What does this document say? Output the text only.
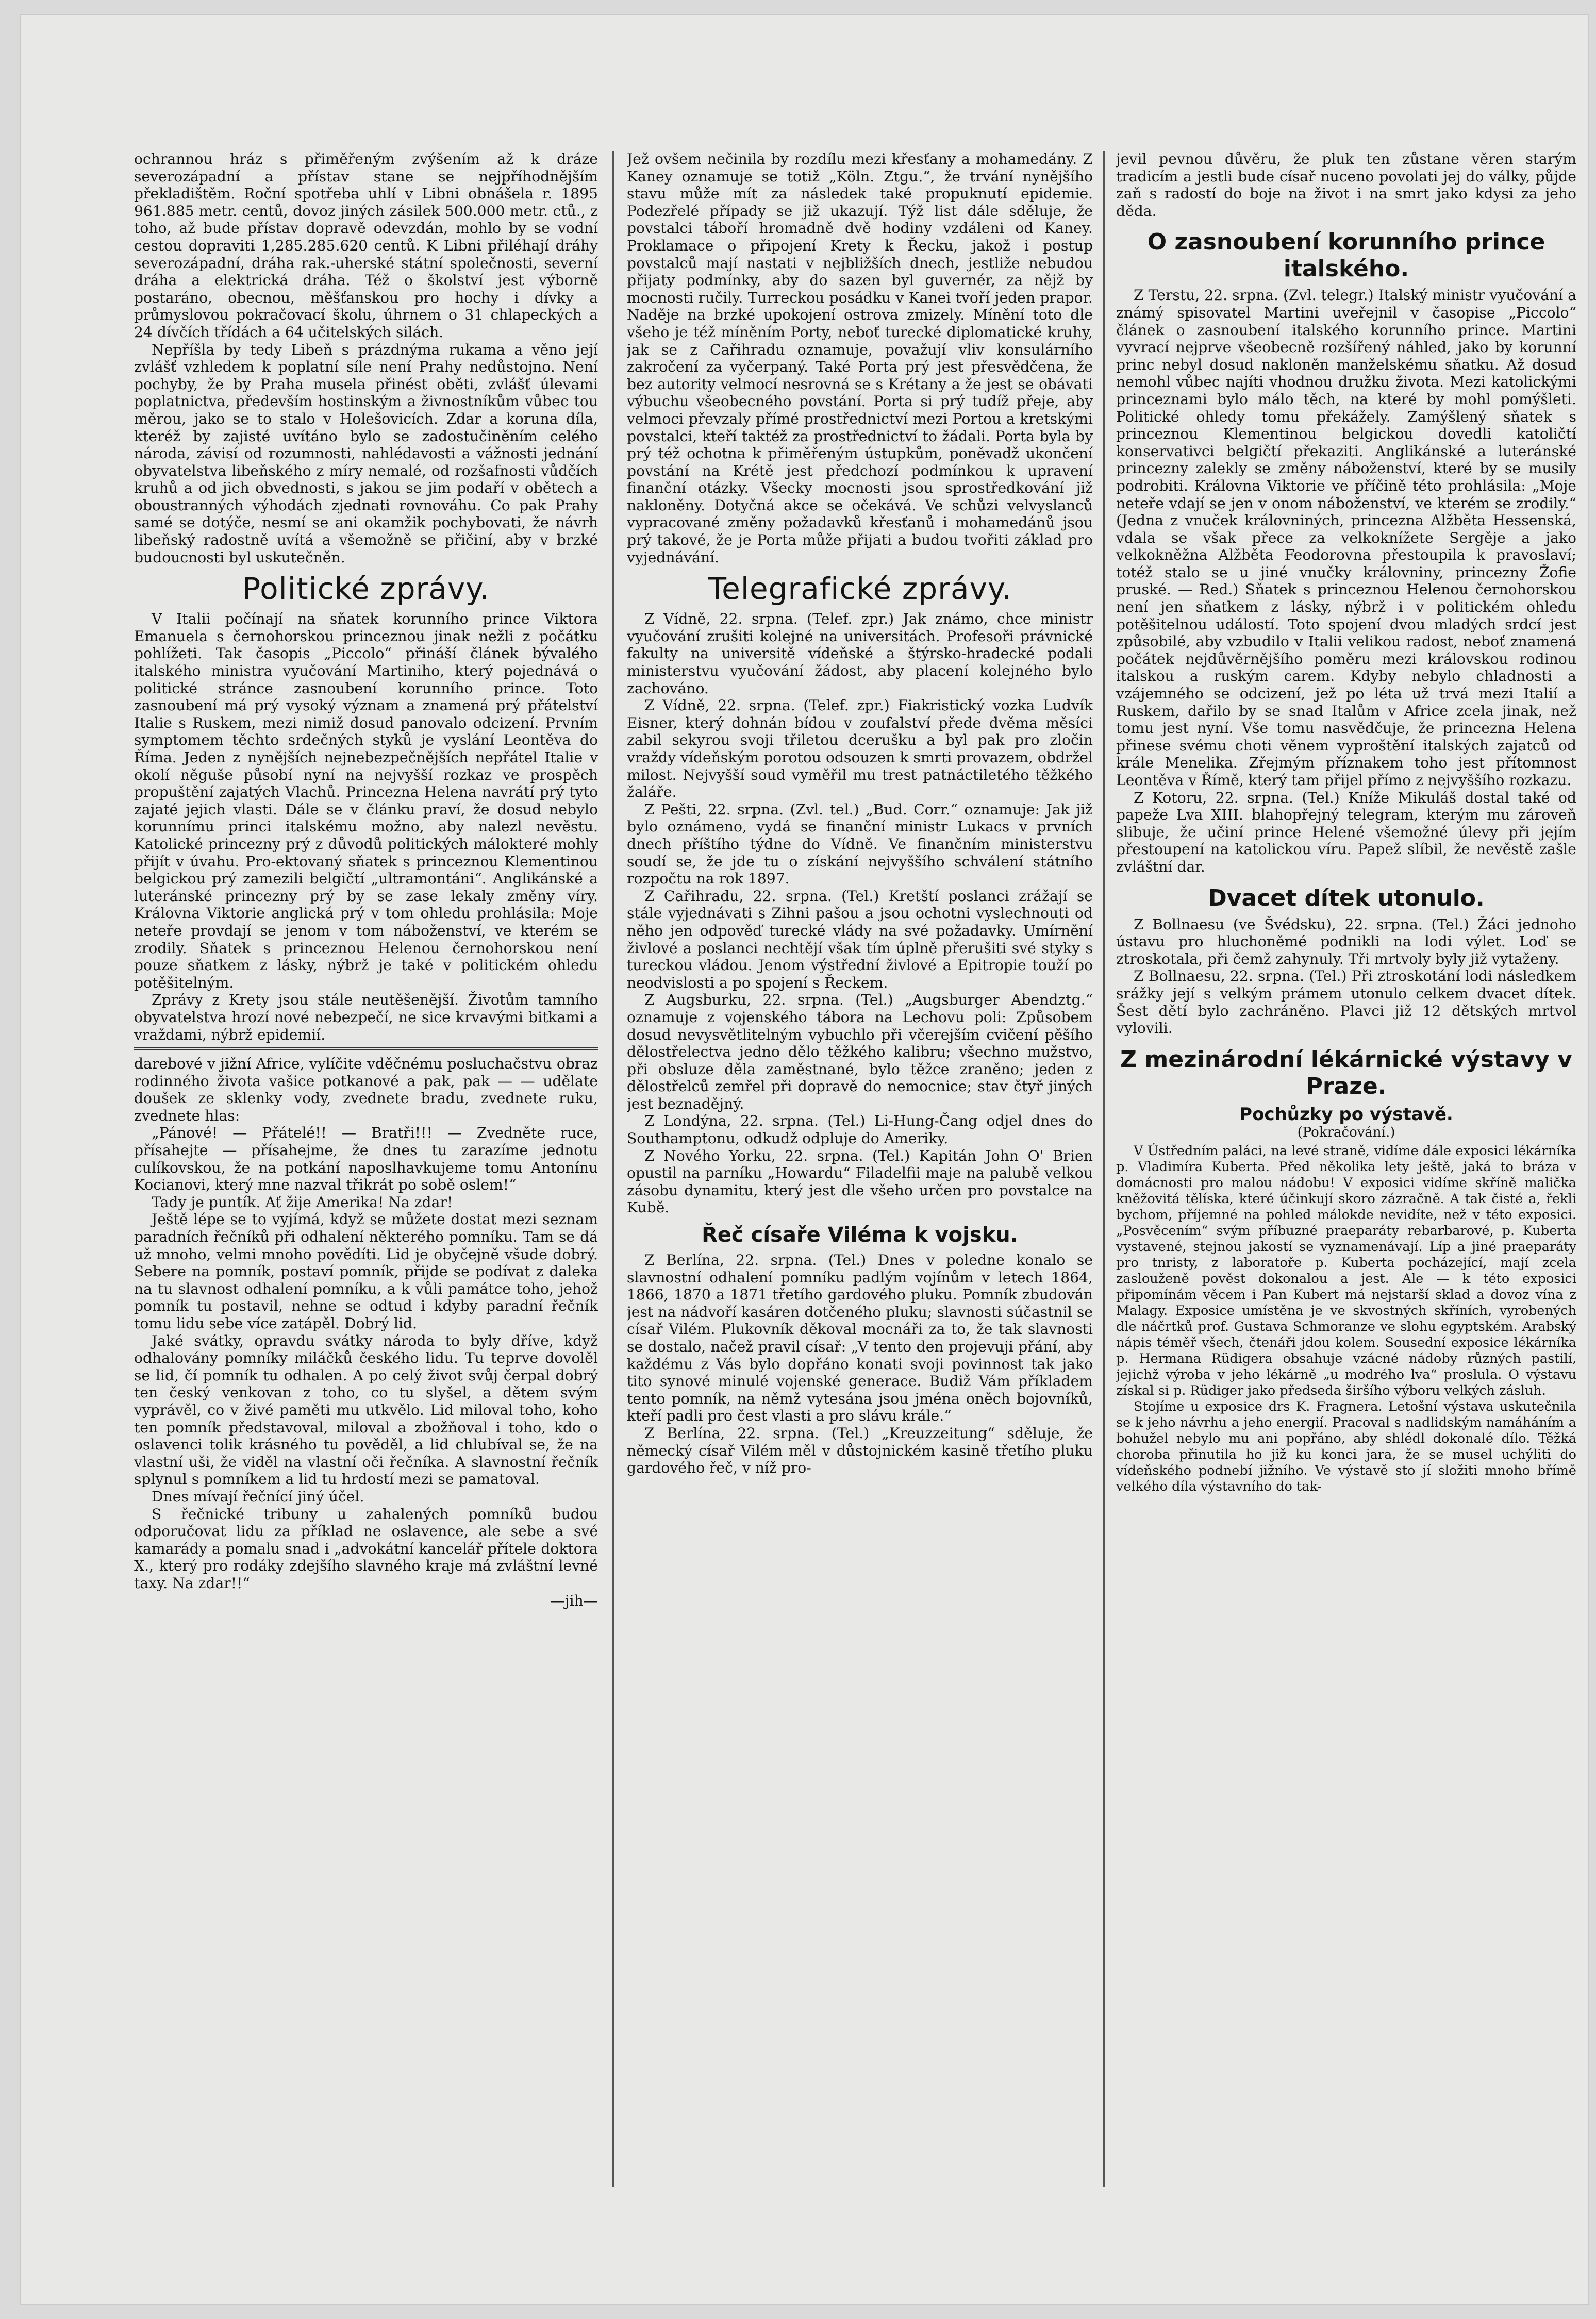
ochrannou hráz s přiměřeným zvýšením až k dráze severozápadní a přístav stane se nejpříhodnějším překladištěm. Roční spotřeba uhlí v Libni obnášela r. 1895 961.885 metr. centů, dovoz jiných zásilek 500.000 metr. ctů., z toho, až bude přístav dopravě odevzdán, mohlo by se vodní cestou dopraviti 1,285.285.620 centů. K Libni přiléhají dráhy severozápadní, dráha rak.-uherské státní společnosti, severní dráha a elektrická dráha. Též o školství jest výborně postaráno, obecnou, měšťanskou pro hochy i dívky a průmyslovou pokračovací školu, úhrnem o 31 chlapeckých a 24 dívčích třídách a 64 učitelských silách.

Nepříšla by tedy Libeň s prázdnýma rukama a věno její zvlášť vzhledem k poplatní síle není Prahy nedůstojno. Není pochyby, že by Praha musela přinést oběti, zvlášť úlevami poplatnictva, především hostinským a živnostníkům vůbec tou měrou, jako se to stalo v Holešovicích. Zdar a koruna díla, kteréž by zajisté uvítáno bylo se zadostučiněním celého národa, závisí od rozumnosti, nahlédavosti a vážnosti jednání obyvatelstva libeňského z míry nemalé, od rozšafnosti vůdčích kruhů a od jich obvednosti, s jakou se jim podaří v obětech a oboustranných výhodách zjednati rovnováhu. Co pak Prahy samé se dotýče, nesmí se ani okamžik pochybovati, že návrh libeňský radostně uvítá a všemožně se přičiní, aby v brzké budoucnosti byl uskutečněn.

Politické zprávy.

V Italii počínají na sňatek korunního prince Viktora Emanuela s černohorskou princeznou jinak nežli z počátku pohlížeti. Tak časopis „Piccolo“ přináší článek bývalého italského ministra vyučování Martiniho, který pojednává o politické stránce zasnoubení korunního prince. Toto zasnoubení má prý vysoký význam a znamená prý přátelství Italie s Ruskem, mezi nimiž dosud panovalo odcizení. Prvním symptomem těchto srdečných styků je vyslání Leontěva do Říma. Jeden z nynějších nejnebezpečnějších nepřátel Italie v okolí něguše působí nyní na nejvyšší rozkaz ve prospěch propuštění zajatých Vlachů. Princezna Helena navrátí prý tyto zajaté jejich vlasti. Dále se v článku praví, že dosud nebylo korunnímu princi italskému možno, aby nalezl nevěstu. Katolické princezny prý z důvodů politických málokteré mohly přijít v úvahu. Pro-ektovaný sňatek s princeznou Klementinou belgickou prý zamezili belgičtí „ultramontáni“. Anglikánské a luteránské princezny prý by se zase lekaly změny víry. Královna Viktorie anglická prý v tom ohledu prohlásila: Moje neteře provdají se jenom v tom náboženství, ve kterém se zrodily. Sňatek s princeznou Helenou černohorskou není pouze sňatkem z lásky, nýbrž je také v politickém ohledu potěšitelným.

Zprávy z Krety jsou stále neutěšenější. Životům tamního obyvatelstva hrozí nové nebezpečí, ne sice krvavými bitkami a vraždami, nýbrž epidemií.

darebové v jižní Africe, vylíčite vděčnému posluchačstvu obraz rodinného života vašice potkanové a pak, pak — — udělate doušek ze sklenky vody, zvednete bradu, zvednete ruku, zvednete hlas:

„Pánové! — Přátelé!! — Bratři!!! — Zvedněte ruce, přísahejte — přísahejme, že dnes tu zarazíme jednotu culíkovskou, že na potkání naposlhavkujeme tomu Antonínu Kocianovi, který mne nazval třikrát po sobě oslem!“

Tady je puntík. Ať žije Amerika! Na zdar!

Ještě lépe se to vyjímá, když se můžete dostat mezi seznam paradních řečníků při odhalení některého pomníku. Tam se dá už mnoho, velmi mnoho povědíti. Lid je obyčejně všude dobrý. Sebere na pomník, postaví pomník, přijde se podívat z daleka na tu slavnost odhalení pomníku, a k vůli památce toho, jehož pomník tu postavil, nehne se odtud i kdyby paradní řečník tomu lidu sebe více zatápěl. Dobrý lid.

Jaké svátky, opravdu svátky národa to byly dříve, když odhalovány pomníky miláčků českého lidu. Tu teprve dovolěl se lid, čí pomník tu odhalen. A po celý život svůj čerpal dobrý ten český venkovan z toho, co tu slyšel, a dětem svým vyprávěl, co v živé paměti mu utkvělo. Lid miloval toho, koho ten pomník představoval, miloval a zbožňoval i toho, kdo o oslavenci tolik krásného tu pověděl, a lid chlubíval se, že na vlastní uši, že viděl na vlastní oči řečníka. A slavnostní řečník splynul s pomníkem a lid tu hrdostí mezi se pamatoval.

Dnes mívají řečnící jiný účel.

S řečnické tribuny u zahalených pomníků budou odporučovat lidu za příklad ne oslavence, ale sebe a své kamarády a pomalu snad i „advokátní kancelář přítele doktora X., který pro rodáky zdejšího slavného kraje má zvláštní levné taxy. Na zdar!!“

—jih—

Jež ovšem nečinila by rozdílu mezi křesťany a mohamedány. Z Kaney oznamuje se totiž „Köln. Ztgu.“, že trvání nynějšího stavu může mít za následek také propuknutí epidemie. Podezřelé případy se již ukazují. Týž list dále sděluje, že povstalci táboří hromadně dvě hodiny vzdáleni od Kaney. Proklamace o připojení Krety k Řecku, jakož i postup povstalců mají nastati v nejbližších dnech, jestliže nebudou přijaty podmínky, aby do sazen byl guvernér, za nějž by mocnosti ručily. Turreckou posádku v Kanei tvoří jeden prapor. Naděje na brzké upokojení ostrova zmizely. Mínění toto dle všeho je též míněním Porty, neboť turecké diplomatické kruhy, jak se z Cařihradu oznamuje, považují vliv konsulárního zakročení za vyčerpaný. Také Porta prý jest přesvědčena, že bez autority velmocí nesrovná se s Krétany a že jest se obávati výbuchu všeobecného povstání. Porta si prý tudíž přeje, aby velmoci převzaly přímé prostřednictví mezi Portou a kretskými povstalci, kteří taktéž za prostřednictví to žádali. Porta byla by prý též ochotna k přiměřeným ústupkům, poněvadž ukončení povstání na Krétě jest předchozí podmínkou k upravení finanční otázky. Všecky mocnosti jsou sprostředkování již nakloněny. Dotyčná akce se očekává. Ve schůzi velvyslanců vypracované změny požadavků křesťanů i mohamedánů jsou prý takové, že je Porta může přijati a budou tvořiti základ pro vyjednávání.

Telegrafické zprávy.

Z Vídně, 22. srpna. (Telef. zpr.) Jak známo, chce ministr vyučování zrušiti kolejné na universitách. Profesoři právnické fakulty na universitě vídeňské a štýrsko-hradecké podali ministerstvu vyučování žádost, aby placení kolejného bylo zachováno.

Z Vídně, 22. srpna. (Telef. zpr.) Fiakristický vozka Ludvík Eisner, který dohnán bídou v zoufalství přede dvěma měsíci zabil sekyrou svoji třiletou dcerušku a byl pak pro zločin vraždy vídeňským porotou odsouzen k smrti provazem, obdržel milost. Nejvyšší soud vyměřil mu trest patnáctiletého těžkého žaláře.

Z Pešti, 22. srpna. (Zvl. tel.) „Bud. Corr.“ oznamuje: Jak již bylo oznámeno, vydá se finanční ministr Lukacs v prvních dnech příštího týdne do Vídně. Ve finančním ministerstvu soudí se, že jde tu o získání nejvyššího schválení státního rozpočtu na rok 1897.

Z Cařihradu, 22. srpna. (Tel.) Kretští poslanci zrážají se stále vyjednávati s Zihni pašou a jsou ochotni vyslechnouti od něho jen odpověď turecké vlády na své požadavky. Umírnění živlové a poslanci nechtějí však tím úplně přerušiti své styky s tureckou vládou. Jenom výstřední živlové a Epitropie touží po neodvislosti a po spojení s Řeckem.

Z Augsburku, 22. srpna. (Tel.) „Augsburger Abendztg.“ oznamuje z vojenského tábora na Lechovu poli: Způsobem dosud nevysvětlitelným vybuchlo při včerejším cvičení pěšího dělostřelectva jedno dělo těžkého kalibru; všechno mužstvo, při obsluze děla zaměstnané, bylo těžce zraněno; jeden z dělostřelců zemřel při dopravě do nemocnice; stav čtyř jiných jest beznadějný.

Z Londýna, 22. srpna. (Tel.) Li-Hung-Čang odjel dnes do Southamptonu, odkudž odpluje do Ameriky.

Z Nového Yorku, 22. srpna. (Tel.) Kapitán John O' Brien opustil na parníku „Howardu“ Filadelfii maje na palubě velkou zásobu dynamitu, který jest dle všeho určen pro povstalce na Kubě.

Řeč císaře Viléma k vojsku.

Z Berlína, 22. srpna. (Tel.) Dnes v poledne konalo se slavnostní odhalení pomníku padlým vojínům v letech 1864, 1866, 1870 a 1871 třetího gardového pluku. Pomník zbudován jest na nádvoří kasáren dotčeného pluku; slavnosti súčastnil se císař Vilém. Plukovník děkoval mocnáři za to, že tak slavnosti se dostalo, načež pravil císař: „V tento den projevuji přání, aby každému z Vás bylo dopřáno konati svoji povinnost tak jako tito synové minulé vojenské generace. Budiž Vám příkladem tento pomník, na němž vytesána jsou jména oněch bojovníků, kteří padli pro čest vlasti a pro slávu krále.“

Z Berlína, 22. srpna. (Tel.) „Kreuzzeitung“ sděluje, že německý císař Vilém měl v důstojnickém kasině třetího pluku gardového řeč, v níž pro-

jevil pevnou důvěru, že pluk ten zůstane věren starým tradicím a jestli bude císař nuceno povolati jej do války, půjde zaň s radostí do boje na život i na smrt jako kdysi za jeho děda.

O zasnoubení korunního prince italského.

Z Terstu, 22. srpna. (Zvl. telegr.) Italský ministr vyučování a známý spisovatel Martini uveřejnil v časopise „Piccolo“ článek o zasnoubení italského korunního prince. Martini vyvrací nejprve všeobecně rozšířený náhled, jako by korunní princ nebyl dosud nakloněn manželskému sňatku. Až dosud nemohl vůbec najíti vhodnou družku života. Mezi katolickými princeznami bylo málo těch, na které by mohl pomýšleti. Politické ohledy tomu překážely. Zamýšlený sňatek s princeznou Klementinou belgickou dovedli katoličtí konservativci belgičtí překaziti. Anglikánské a luteránské princezny zalekly se změny náboženství, které by se musily podrobiti. Královna Viktorie ve příčině této prohlásila: „Moje neteře vdají se jen v onom náboženství, ve kterém se zrodily.“ (Jedna z vnuček královniných, princezna Alžběta Hessenská, vdala se však přece za velkoknížete Sergěje a jako velkokněžna Alžběta Feodorovna přestoupila k pravoslaví; totéž stalo se u jiné vnučky královniny, princezny Žofie pruské. — Red.) Sňatek s princeznou Helenou černohorskou není jen sňatkem z lásky, nýbrž i v politickém ohledu potěšitelnou událostí. Toto spojení dvou mladých srdcí jest způsobilé, aby vzbudilo v Italii velikou radost, neboť znamená počátek nejdůvěrnějšího poměru mezi královskou rodinou italskou a ruským carem. Kdyby nebylo chladnosti a vzájemného se odcizení, jež po léta už trvá mezi Italií a Ruskem, dařilo by se snad Italům v Africe zcela jinak, než tomu jest nyní. Vše tomu nasvědčuje, že princezna Helena přinese svému choti věnem vyproštění italských zajatců od krále Menelika. Zřejmým příznakem toho jest přítomnost Leontěva v Římě, který tam přijel přímo z nejvyššího rozkazu.

Z Kotoru, 22. srpna. (Tel.) Kníže Mikuláš dostal také od papeže Lva XIII. blahopřejný telegram, kterým mu zároveň slibuje, že učiní prince Helené všemožné úlevy při jejím přestoupení na katolickou víru. Papež slíbil, že nevěstě zašle zvláštní dar.

Dvacet dítek utonulo.

Z Bollnaesu (ve Švédsku), 22. srpna. (Tel.) Žáci jednoho ústavu pro hluchoněmé podnikli na lodi výlet. Loď se ztroskotala, při čemž zahynuly. Tři mrtvoly byly již vytaženy.

Z Bollnaesu, 22. srpna. (Tel.) Při ztroskotání lodi následkem srážky její s velkým prámem utonulo celkem dvacet dítek. Šest dětí bylo zachráněno. Plavci již 12 dětských mrtvol vylovili.

Z mezinárodní lékárnické výstavy v Praze.
Pochůzky po výstavě.
(Pokračování.)

V Ústředním paláci, na levé straně, vidíme dále exposici lékárníka p. Vladimíra Kuberta. Před několika lety ještě, jaká to bráza v domácnosti pro malou nádobu! V exposici vidíme skříně malička kněžovitá tělíska, které účinkují skoro zázračně. A tak čisté a, řekli bychom, příjemné na pohled málokde nevidíte, než v této exposici. „Posvěcením“ svým příbuzné praeparáty rebarbarové, p. Kuberta vystavené, stejnou jakostí se vyznamenávají. Líp a jiné praeparáty pro tnristy, z laboratoře p. Kuberta pocházející, mají zcela zaslouženě pověst dokonalou a jest. Ale — k této exposici připomínám věcem i Pan Kubert má nejstarší sklad a dovoz vína z Malagy. Exposice umístěna je ve skvostných skříních, vyrobených dle náčrtků prof. Gustava Schmoranze ve slohu egyptském. Arabský nápis téměř všech, čtenáři jdou kolem. Sousední exposice lékárníka p. Hermana Rüdigera obsahuje vzácné nádoby různých pastilí, jejichž výroba v jeho lékárně „u modrého lva“ proslula. O výstavu získal si p. Rüdiger jako předseda širšího výboru velkých zásluh.

Stojíme u exposice drs K. Fragnera. Letošní výstava uskutečnila se k jeho návrhu a jeho energií. Pracoval s nadlidským namáháním a bohužel nebylo mu ani popřáno, aby shlédl dokonalé dílo. Těžká choroba přinutila ho již ku konci jara, že se musel uchýliti do vídeňského podnebí jižního. Ve výstavě sto jí složiti mnoho břímě velkého díla výstavního do tak-
